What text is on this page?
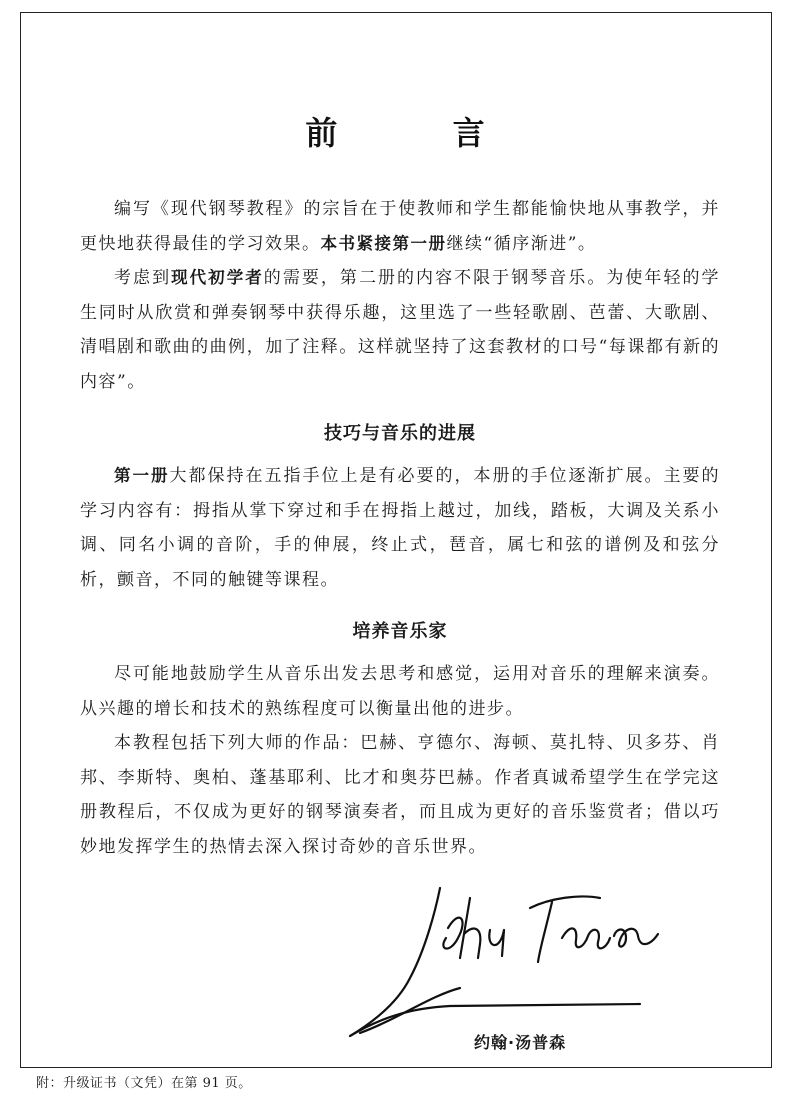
前 言

编写《现代钢琴教程》的宗旨在于使教师和学生都能愉快地从事教学，并更快地获得最佳的学习效果。本书紧接第一册继续“循序渐进”。

考虑到现代初学者的需要，第二册的内容不限于钢琴音乐。为使年轻的学生同时从欣赏和弹奏钢琴中获得乐趣，这里选了一些轻歌剧、芭蕾、大歌剧、清唱剧和歌曲的曲例，加了注释。这样就坚持了这套教材的口号“每课都有新的内容”。

技巧与音乐的进展

第一册大都保持在五指手位上是有必要的，本册的手位逐渐扩展。主要的学习内容有：拇指从掌下穿过和手在拇指上越过，加线，踏板，大调及关系小调、同名小调的音阶，手的伸展，终止式，琶音，属七和弦的谱例及和弦分析，颤音，不同的触键等课程。

培养音乐家

尽可能地鼓励学生从音乐出发去思考和感觉，运用对音乐的理解来演奏。从兴趣的增长和技术的熟练程度可以衡量出他的进步。

本教程包括下列大师的作品：巴赫、亨德尔、海顿、莫扎特、贝多芬、肖邦、李斯特、奥柏、蓬基耶利、比才和奥芬巴赫。作者真诚希望学生在学完这册教程后，不仅成为更好的钢琴演奏者，而且成为更好的音乐鉴赏者；借以巧妙地发挥学生的热情去深入探讨奇妙的音乐世界。

约翰·汤普森
附：升级证书（文凭）在第 91 页。
